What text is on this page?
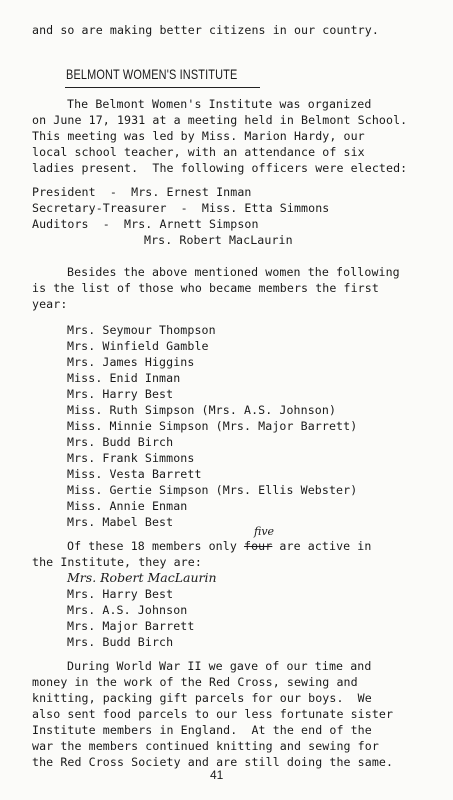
and so are making better citizens in our country.
BELMONT WOMEN'S INSTITUTE
The Belmont Women's Institute was organized
on June 17, 1931 at a meeting held in Belmont School.
This meeting was led by Miss. Marion Hardy, our
local school teacher, with an attendance of six
ladies present.  The following officers were elected:
President  -  Mrs. Ernest Inman
Secretary-Treasurer  -  Miss. Etta Simmons
Auditors  -  Mrs. Arnett Simpson
Mrs. Robert MacLaurin
Besides the above mentioned women the following
is the list of those who became members the first
year:
Mrs. Seymour Thompson
Mrs. Winfield Gamble
Mrs. James Higgins
Miss. Enid Inman
Mrs. Harry Best
Miss. Ruth Simpson (Mrs. A.S. Johnson)
Miss. Minnie Simpson (Mrs. Major Barrett)
Mrs. Budd Birch
Mrs. Frank Simmons
Miss. Vesta Barrett
Miss. Gertie Simpson (Mrs. Ellis Webster)
Miss. Annie Enman
Mrs. Mabel Best
five
Of these 18 members only four are active in
the Institute, they are:
Mrs. Robert MacLaurin
Mrs. Harry Best
Mrs. A.S. Johnson
Mrs. Major Barrett
Mrs. Budd Birch
During World War II we gave of our time and
money in the work of the Red Cross, sewing and
knitting, packing gift parcels for our boys.  We
also sent food parcels to our less fortunate sister
Institute members in England.  At the end of the
war the members continued knitting and sewing for
the Red Cross Society and are still doing the same.
41
